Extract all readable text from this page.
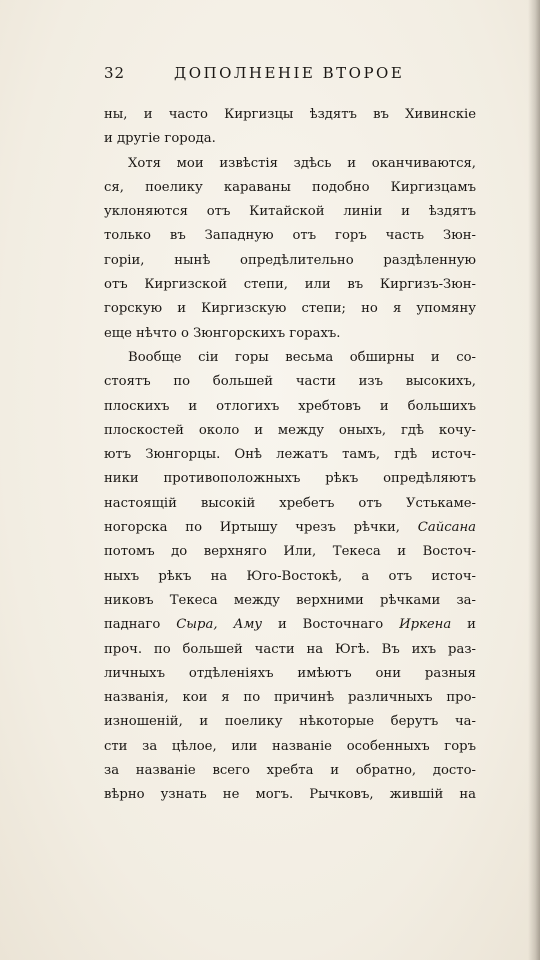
32	ДОПОЛНЕНІЕ ВТОРОЕ
ны, и часто Киргизцы ѣздятъ въ Хивинскіе
и другіе города.
Хотя мои извѣстія здѣсь и оканчиваются,
ся, поелику караваны подобно Киргизцамъ
уклоняются отъ Китайской линіи и ѣздятъ
только въ Западную отъ горъ часть Зюн-
горіи, нынѣ опредѣлительно раздѣленную
отъ Киргизской степи, или въ Киргизъ-Зюн-
горскую и Киргизскую степи; но я упомяну
еще нѣчто о Зюнгорскихъ горахъ.
Вообще сіи горы весьма обширны и со-
стоятъ по большей части изъ высокихъ,
плоскихъ и отлогихъ хребтовъ и большихъ
плоскостей около и между оныхъ, гдѣ кочу-
ютъ Зюнгорцы. Онѣ лежатъ тамъ, гдѣ источ-
ники противоположныхъ рѣкъ опредѣляютъ
настоящій высокій хребетъ отъ Устькаме-
ногорска по Иртышу чрезъ рѣчки, Сайсана
потомъ до верхняго Или, Текеса и Восточ-
ныхъ рѣкъ на Юго-Востокѣ, а отъ источ-
никовъ Текеса между верхними рѣчками за-
паднаго Сыра, Аму и Восточнаго Иркена и
проч. по большей части на Югѣ. Въ ихъ раз-
личныхъ отдѣленіяхъ имѣютъ они разныя
названія, кои я по причинѣ различныхъ про-
изношеній, и поелику нѣкоторые берутъ ча-
сти за цѣлое, или названіе особенныхъ горъ
за названіе всего хребта и обратно, досто-
вѣрно узнать не могъ. Рычковъ, жившій на
